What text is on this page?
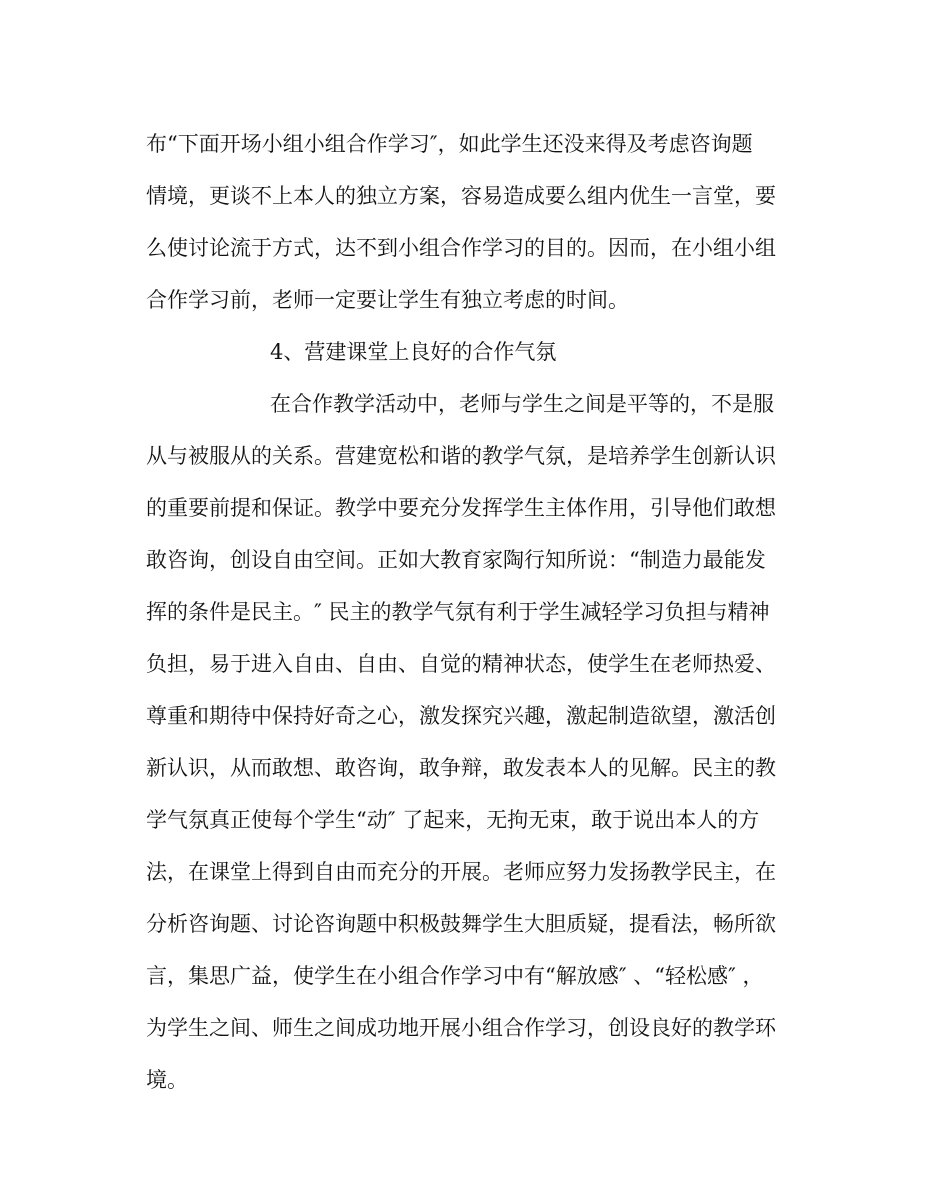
布“下面开场小组小组合作学习″，如此学生还没来得及考虑咨询题
情境，更谈不上本人的独立方案，容易造成要么组内优生一言堂，要
么使讨论流于方式，达不到小组合作学习的目的。因而，在小组小组
合作学习前，老师一定要让学生有独立考虑的时间。
4、营建课堂上良好的合作气氛
在合作教学活动中，老师与学生之间是平等的，不是服
从与被服从的关系。营建宽松和谐的教学气氛，是培养学生创新认识
的重要前提和保证。教学中要充分发挥学生主体作用，引导他们敢想
敢咨询，创设自由空间。正如大教育家陶行知所说：“制造力最能发
挥的条件是民主。″ 民主的教学气氛有利于学生减轻学习负担与精神
负担，易于进入自由、自由、自觉的精神状态，使学生在老师热爱、
尊重和期待中保持好奇之心，激发探究兴趣，激起制造欲望，激活创
新认识，从而敢想、敢咨询，敢争辩，敢发表本人的见解。民主的教
学气氛真正使每个学生“动″ 了起来，无拘无束，敢于说出本人的方
法，在课堂上得到自由而充分的开展。老师应努力发扬教学民主，在
分析咨询题、讨论咨询题中积极鼓舞学生大胆质疑，提看法，畅所欲
言，集思广益，使学生在小组合作学习中有“解放感″ 、“轻松感″ ，
为学生之间、师生之间成功地开展小组合作学习，创设良好的教学环
境。
